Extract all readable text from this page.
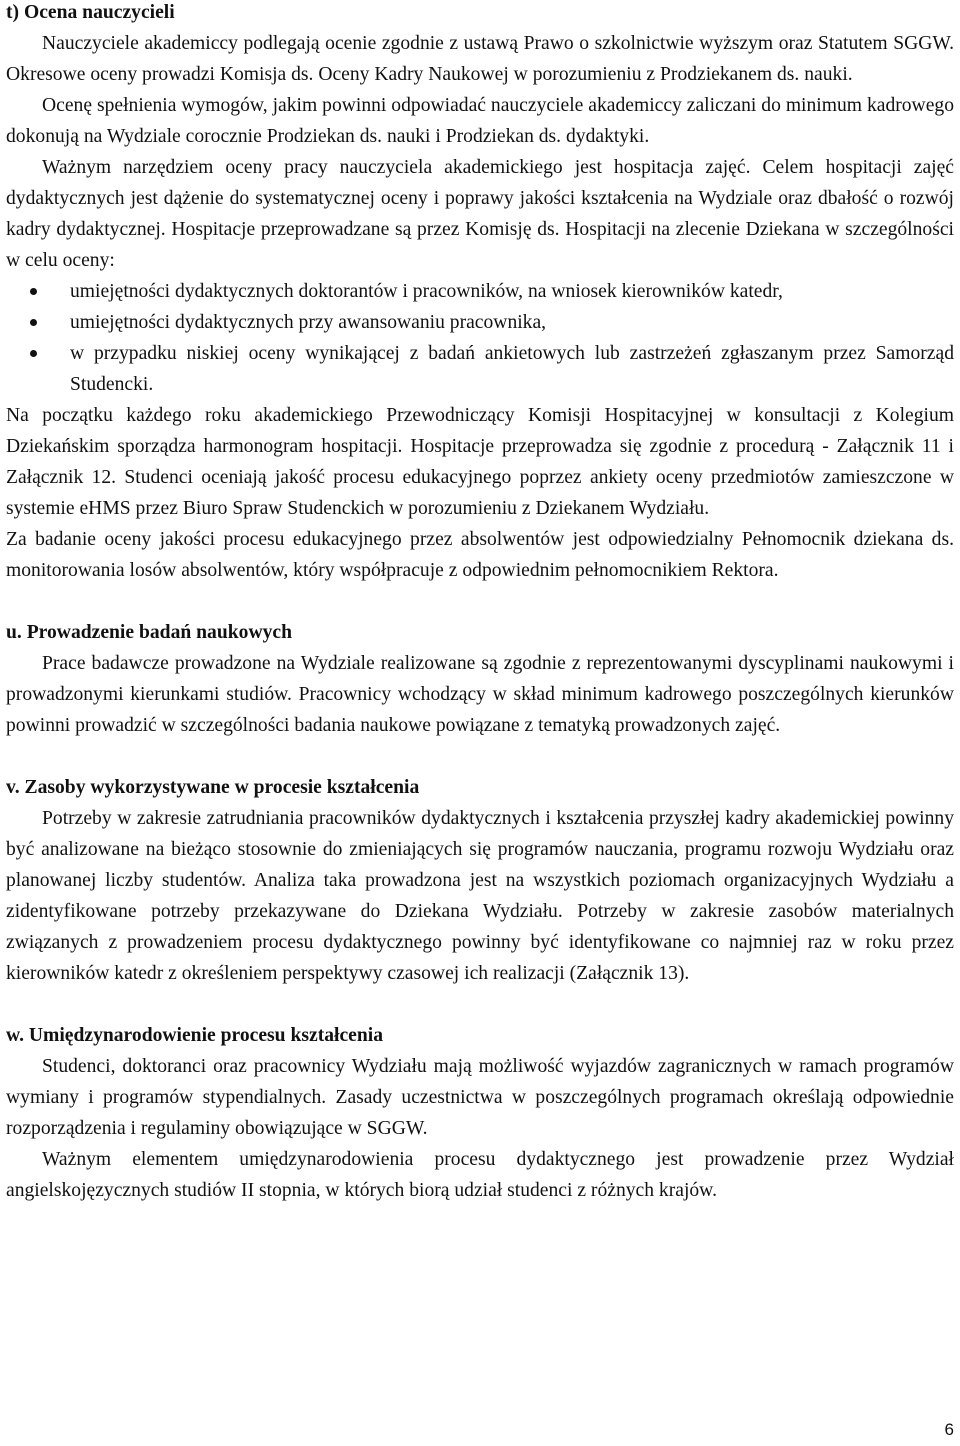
t) Ocena nauczycieli

Nauczyciele akademiccy podlegają ocenie zgodnie z ustawą Prawo o szkolnictwie wyższym oraz Statutem SGGW. Okresowe oceny prowadzi Komisja ds. Oceny Kadry Naukowej w porozumieniu z Prodziekanem ds. nauki.

Ocenę spełnienia wymogów, jakim powinni odpowiadać nauczyciele akademiccy zaliczani do minimum kadrowego dokonują na Wydziale corocznie Prodziekan ds. nauki i Prodziekan ds. dydaktyki.

Ważnym narzędziem oceny pracy nauczyciela akademickiego jest hospitacja zajęć. Celem hospitacji zajęć dydaktycznych jest dążenie do systematycznej oceny i poprawy jakości kształcenia na Wydziale oraz dbałość o rozwój kadry dydaktycznej. Hospitacje przeprowadzane są przez Komisję ds. Hospitacji na zlecenie Dziekana w szczególności w celu oceny:

umiejętności dydaktycznych doktorantów i pracowników, na wniosek kierowników katedr,
umiejętności dydaktycznych przy awansowaniu pracownika,
w przypadku niskiej oceny wynikającej z badań ankietowych lub zastrzeżeń zgłaszanym przez Samorząd Studencki.

Na początku każdego roku akademickiego Przewodniczący Komisji Hospitacyjnej w konsultacji z Kolegium Dziekańskim sporządza harmonogram hospitacji. Hospitacje przeprowadza się zgodnie z procedurą - Załącznik 11 i Załącznik 12. Studenci oceniają jakość procesu edukacyjnego poprzez ankiety oceny przedmiotów zamieszczone w systemie eHMS przez Biuro Spraw Studenckich w porozumieniu z Dziekanem Wydziału.

Za badanie oceny jakości procesu edukacyjnego przez absolwentów jest odpowiedzialny Pełnomocnik dziekana ds. monitorowania losów absolwentów, który współpracuje z odpowiednim pełnomocnikiem Rektora.

u. Prowadzenie badań naukowych

Prace badawcze prowadzone na Wydziale realizowane są zgodnie z reprezentowanymi dyscyplinami naukowymi i prowadzonymi kierunkami studiów. Pracownicy wchodzący w skład minimum kadrowego poszczególnych kierunków powinni prowadzić w szczególności badania naukowe powiązane z tematyką prowadzonych zajęć.

v. Zasoby wykorzystywane w procesie kształcenia

Potrzeby w zakresie zatrudniania pracowników dydaktycznych i kształcenia przyszłej kadry akademickiej powinny być analizowane na bieżąco stosownie do zmieniających się programów nauczania, programu rozwoju Wydziału oraz planowanej liczby studentów. Analiza taka prowadzona jest na wszystkich poziomach organizacyjnych Wydziału a zidentyfikowane potrzeby przekazywane do Dziekana Wydziału. Potrzeby w zakresie zasobów materialnych związanych z prowadzeniem procesu dydaktycznego powinny być identyfikowane co najmniej raz w roku przez kierowników katedr z określeniem perspektywy czasowej ich realizacji (Załącznik 13).

w. Umiędzynarodowienie procesu kształcenia

Studenci, doktoranci oraz pracownicy Wydziału mają możliwość wyjazdów zagranicznych w ramach programów wymiany i programów stypendialnych. Zasady uczestnictwa w poszczególnych programach określają odpowiednie rozporządzenia i regulaminy obowiązujące w SGGW.

Ważnym elementem umiędzynarodowienia procesu dydaktycznego jest prowadzenie przez Wydział angielskojęzycznych studiów II stopnia, w których biorą udział studenci z różnych krajów.

6
